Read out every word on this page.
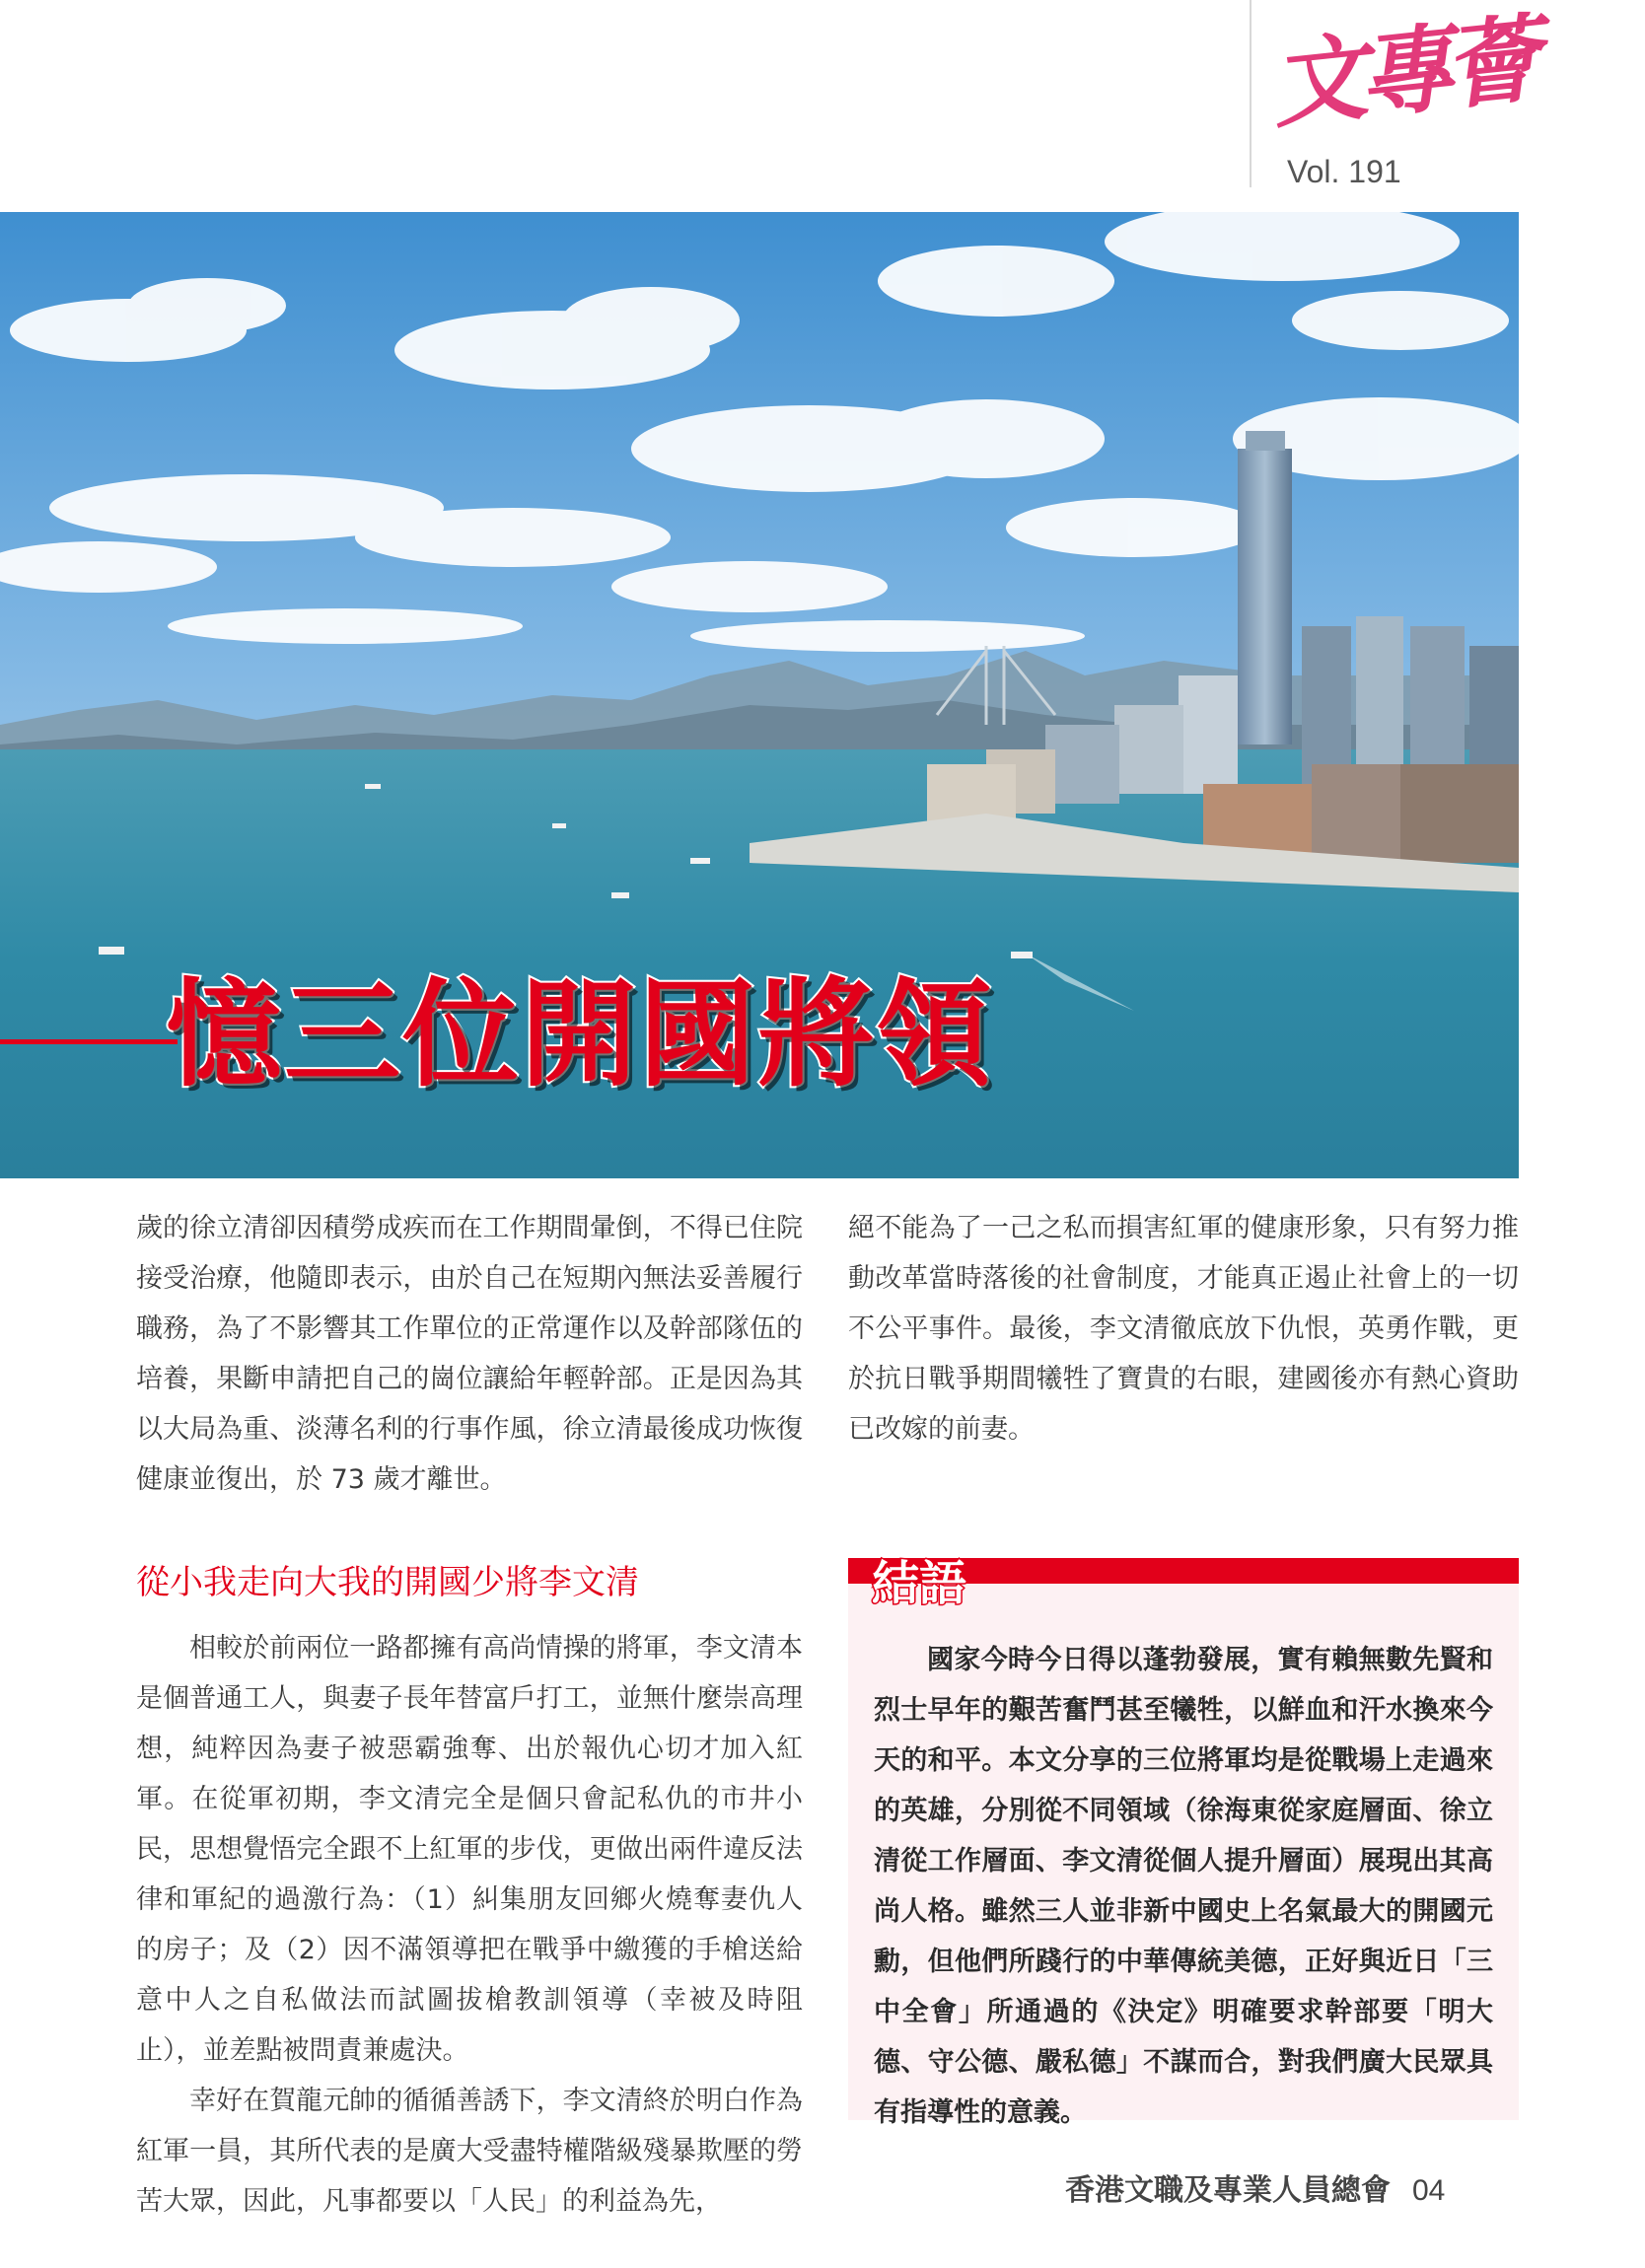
文專薈
Vol. 191
憶三位開國將領

歲的徐立清卻因積勞成疾而在工作期間暈倒，不得已住院接受治療，他隨即表示，由於自己在短期內無法妥善履行職務，為了不影響其工作單位的正常運作以及幹部隊伍的培養，果斷申請把自己的崗位讓給年輕幹部。正是因為其以大局為重、淡薄名利的行事作風，徐立清最後成功恢復健康並復出，於 73 歲才離世。

從小我走向大我的開國少將李文清

相較於前兩位一路都擁有高尚情操的將軍，李文清本是個普通工人，與妻子長年替富戶打工，並無什麼崇高理想，純粹因為妻子被惡霸強奪、出於報仇心切才加入紅軍。在從軍初期，李文清完全是個只會記私仇的市井小民，思想覺悟完全跟不上紅軍的步伐，更做出兩件違反法律和軍紀的過激行為：（1）糾集朋友回鄉火燒奪妻仇人的房子；及（2）因不滿領導把在戰爭中繳獲的手槍送給意中人之自私做法而試圖拔槍教訓領導（幸被及時阻止），並差點被問責兼處決。

幸好在賀龍元帥的循循善誘下，李文清終於明白作為紅軍一員，其所代表的是廣大受盡特權階級殘暴欺壓的勞苦大眾，因此，凡事都要以「人民」的利益為先，

絕不能為了一己之私而損害紅軍的健康形象，只有努力推動改革當時落後的社會制度，才能真正遏止社會上的一切不公平事件。最後，李文清徹底放下仇恨，英勇作戰，更於抗日戰爭期間犧牲了寶貴的右眼，建國後亦有熱心資助已改嫁的前妻。

結語

國家今時今日得以蓬勃發展，實有賴無數先賢和烈士早年的艱苦奮鬥甚至犧牲，以鮮血和汗水換來今天的和平。本文分享的三位將軍均是從戰場上走過來的英雄，分別從不同領域（徐海東從家庭層面、徐立清從工作層面、李文清從個人提升層面）展現出其高尚人格。雖然三人並非新中國史上名氣最大的開國元勳，但他們所踐行的中華傳統美德，正好與近日「三中全會」所通過的《決定》明確要求幹部要「明大德、守公德、嚴私德」不謀而合，對我們廣大民眾具有指導性的意義。

香港文職及專業人員總會 04
